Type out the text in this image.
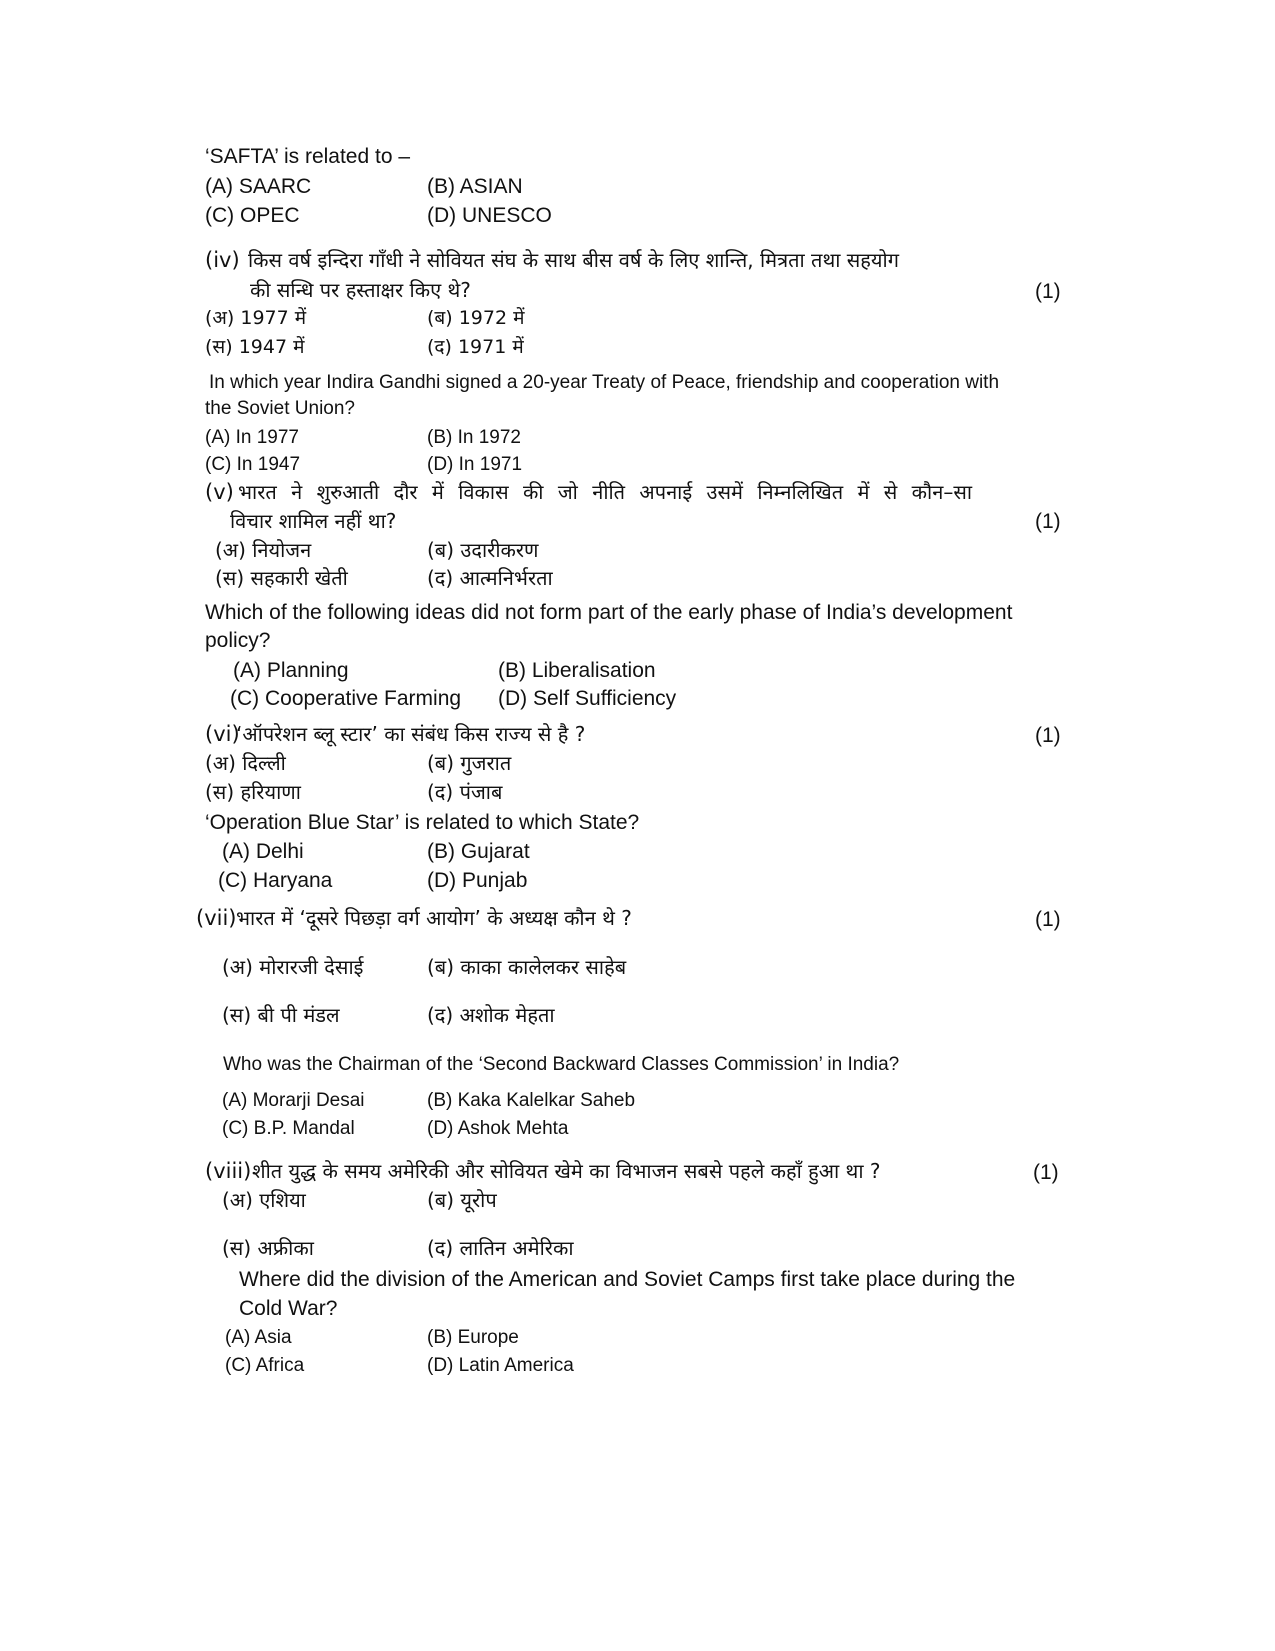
‘SAFTA’ is related to –
(A) SAARC	(B) ASIAN
(C) OPEC	(D) UNESCO
(iv) किस वर्ष इन्दिरा गाँधी ने सोवियत संघ के साथ बीस वर्ष के लिए शान्ति, मित्रता तथा सहयोग
की सन्धि पर हस्ताक्षर किए थे?	(1)
(अ) 1977 में	(ब) 1972 में
(स) 1947 में	(द) 1971 में
In which year Indira Gandhi signed a 20-year Treaty of Peace, friendship and cooperation with
the Soviet Union?
(A) In 1977	(B) In 1972
(C) In 1947	(D) In 1971
(v) भारत ने शुरुआती दौर में विकास की जो नीति अपनाई उसमें निम्नलिखित में से कौन–सा
विचार शामिल नहीं था?	(1)
(अ) नियोजन	(ब) उदारीकरण
(स) सहकारी खेती	(द) आत्मनिर्भरता
Which of the following ideas did not form part of the early phase of India’s development
policy?
(A) Planning	(B) Liberalisation
(C) Cooperative Farming (D) Self Sufficiency
(vi)
‘ऑपरेशन ब्लू स्टार’ का संबंध किस राज्य से है ?	(1)
(अ) दिल्ली	(ब) गुजरात
(स) हरियाणा	(द) पंजाब
‘Operation Blue Star’ is related to which State?
(A) Delhi	(B) Gujarat
(C) Haryana	(D) Punjab
(vii) भारत में ‘दूसरे पिछड़ा वर्ग आयोग’ के अध्यक्ष कौन थे ?	(1)
(अ) मोरारजी देसाई	(ब) काका कालेलकर साहेब
(स) बी पी मंडल	(द) अशोक मेहता
Who was the Chairman of the ‘Second Backward Classes Commission’ in India?
(A) Morarji Desai	(B) Kaka Kalelkar Saheb
(C) B.P. Mandal	(D) Ashok Mehta
(viii) शीत युद्ध के समय अमेरिकी और सोवियत खेमे का विभाजन सबसे पहले कहाँ हुआ था ?	(1)
(अ) एशिया	(ब) यूरोप
(स) अफ्रीका	(द) लातिन अमेरिका
Where did the division of the American and Soviet Camps first take place during the
Cold War?
(A) Asia	(B) Europe
(C) Africa	(D) Latin America
